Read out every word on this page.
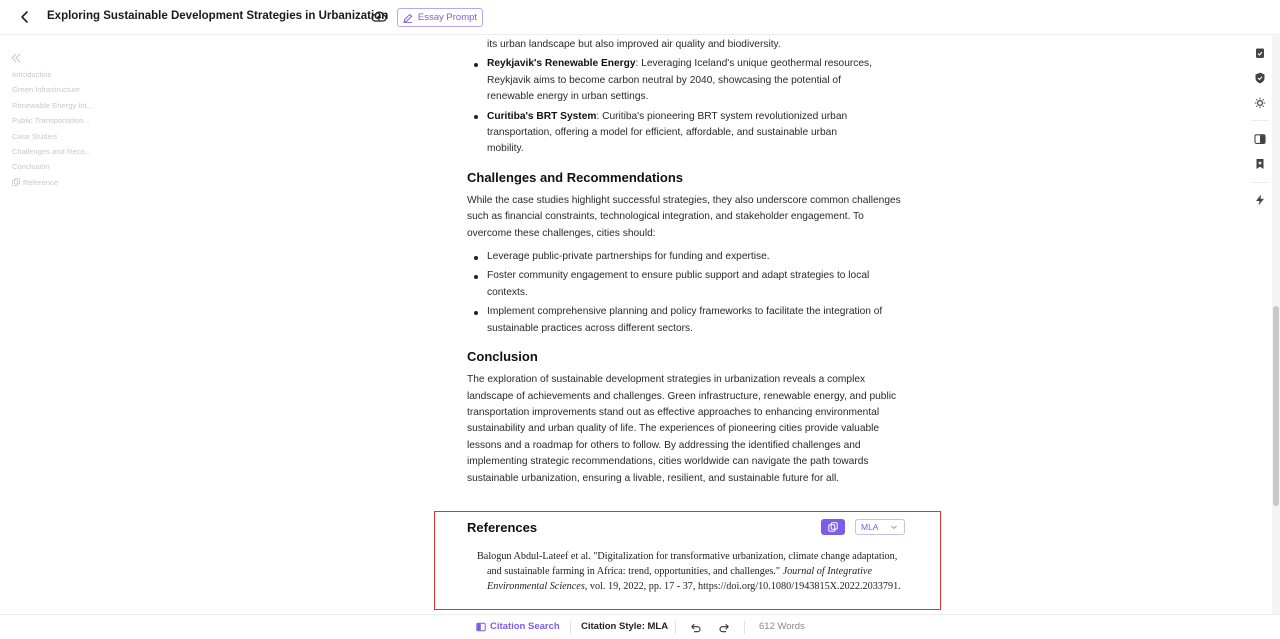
Exploring Sustainable Development Strategies in Urbanization	Essay Prompt
Introduction
Green Infrastructure
Renewable Energy Int...
Public Transportation...
Case Studies
Challenges and Reco...
Conclusion
Reference
its urban landscape but also improved air quality and biodiversity.
Reykjavik's Renewable Energy: Leveraging Iceland's unique geothermal resources,
Reykjavik aims to become carbon neutral by 2040, showcasing the potential of
renewable energy in urban settings.
Curitiba's BRT System: Curitiba's pioneering BRT system revolutionized urban
transportation, offering a model for efficient, affordable, and sustainable urban
mobility.
Challenges and Recommendations

While the case studies highlight successful strategies, they also underscore common challenges such as financial constraints, technological integration, and stakeholder engagement. To overcome these challenges, cities should:

Leverage public-private partnerships for funding and expertise.
Foster community engagement to ensure public support and adapt strategies to local contexts.
Implement comprehensive planning and policy frameworks to facilitate the integration of sustainable practices across different sectors.
Conclusion

The exploration of sustainable development strategies in urbanization reveals a complex landscape of achievements and challenges. Green infrastructure, renewable energy, and public transportation improvements stand out as effective approaches to enhancing environmental sustainability and urban quality of life. The experiences of pioneering cities provide valuable lessons and a roadmap for others to follow. By addressing the identified challenges and implementing strategic recommendations, cities worldwide can navigate the path towards sustainable urbanization, ensuring a livable, resilient, and sustainable future for all.

References	MLA
Balogun Abdul-Lateef et al. "Digitalization for transformative urbanization, climate change adaptation, and sustainable farming in Africa: trend, opportunities, and challenges." Journal of Integrative Environmental Sciences, vol. 19, 2022, pp. 17 - 37, https://doi.org/10.1080/1943815X.2022.2033791.
Citation Search Citation Style: MLA	612 Words
